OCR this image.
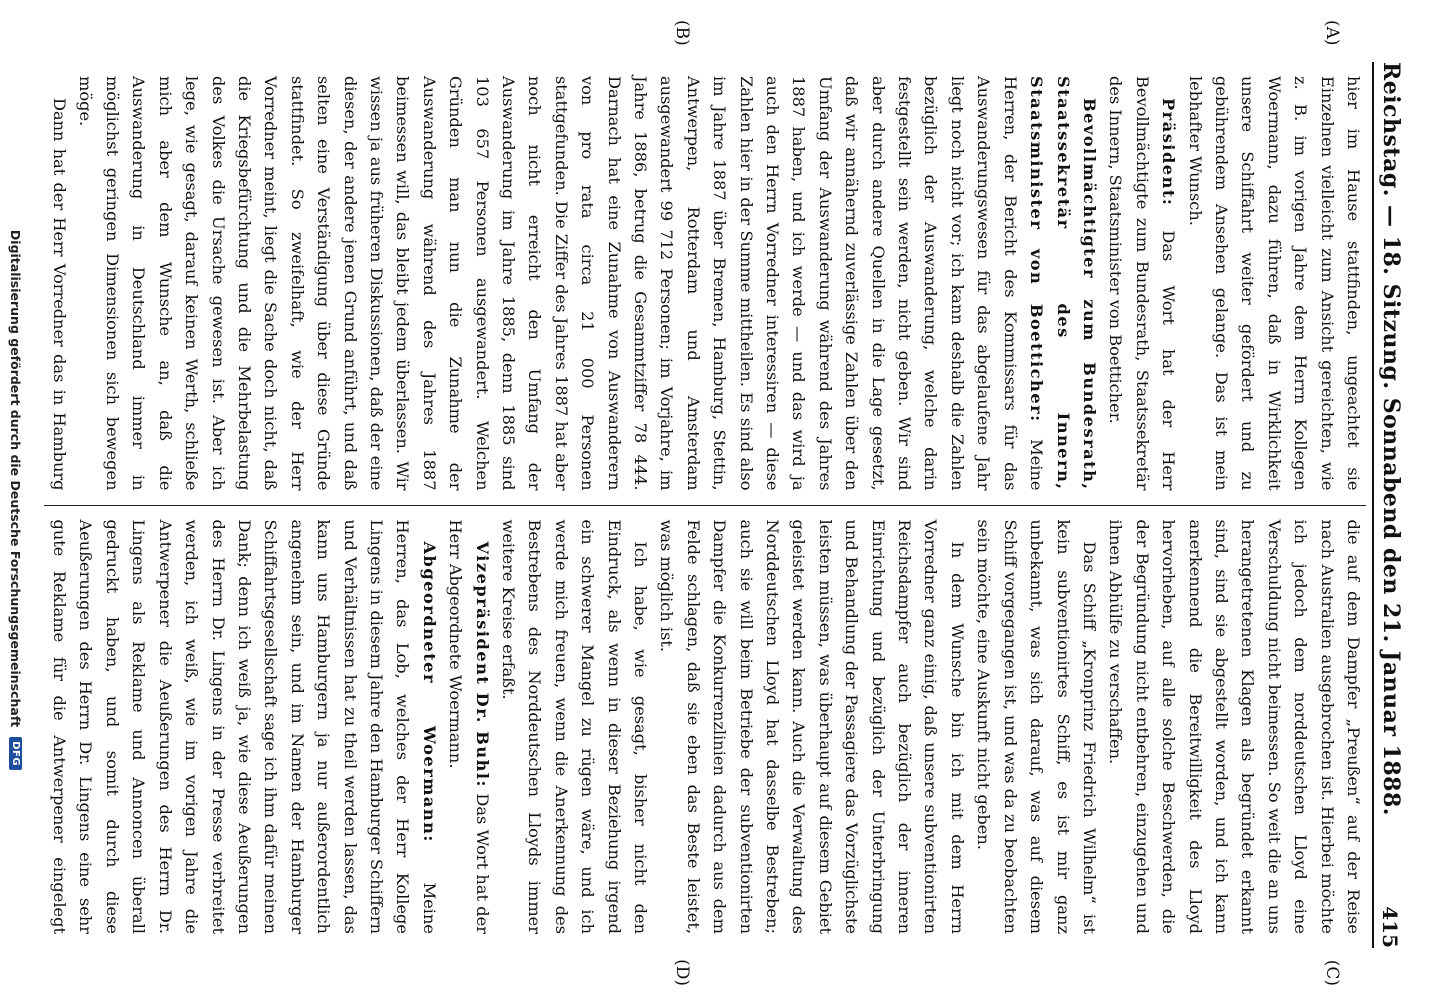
Reichstag. — 18. Sitzung. Sonnabend den 21. Januar 1888.
415
(A)
(B)
(C)
(D)

hier im Hause stattfinden, ungeachtet sie Einzelnen vielleicht zum Ansicht gereichten, wie z. B. im vorigen Jahre dem Herrn Kollegen Woermann, dazu führen, daß in Wirklichkeit unsere Schiffahrt weiter gefördert und zu gebührendem Ansehen gelange. Das ist mein lebhafter Wunsch.

Präsident: Das Wort hat der Herr Bevollmächtigte zum Bundesrath, Staatssekretär des Innern, Staatsminister von Boetticher.

Bevollmächtigter zum Bundesrath, Staatssekretär des Innern, Staatsminister von Boetticher: Meine Herren, der Bericht des Kommissars für das Auswanderungswesen für das abgelaufene Jahr liegt noch nicht vor; ich kann deshalb die Zahlen bezüglich der Auswanderung, welche darin festgestellt sein werden, nicht geben. Wir sind aber durch andere Quellen in die Lage gesetzt, daß wir annähernd zuverlässige Zahlen über den Umfang der Auswanderung während des Jahres 1887 haben, und ich werde — und das wird ja auch den Herrn Vorredner interessiren — diese Zahlen hier in der Summe mittheilen. Es sind also im Jahre 1887 über Bremen, Hamburg, Stettin, Antwerpen, Rotterdam und Amsterdam ausgewandert 99 712 Personen; im Vorjahre, im Jahre 1886, betrug die Gesammtziffer 78 444. Darnach hat eine Zunahme von Auswanderern von pro rata circa 21 000 Personen stattgefunden. Die Ziffer des Jahres 1887 hat aber noch nicht erreicht den Umfang der Auswanderung im Jahre 1885, denn 1885 sind 103 657 Personen ausgewandert. Welchen Gründen man nun die Zunahme der Auswanderung während des Jahres 1887 beimessen will, das bleibt jedem überlassen. Wir wissen ja aus früheren Diskussionen, daß der eine diesen, der andere jenen Grund anführt, und daß selten eine Verständigung über diese Gründe stattfindet. So zweifelhaft, wie der Herr Vorredner meint, liegt die Sache doch nicht, daß die Kriegsbefürchtung und die Mehrbelastung des Volkes die Ursache gewesen ist. Aber ich lege, wie gesagt, darauf keinen Werth, schließe mich aber dem Wunsche an, daß die Auswanderung in Deutschland immer in möglichst geringen Dimensionen sich bewegen möge.

Dann hat der Herr Vorredner das in Hamburg

die auf dem Dampfer „Preußen“ auf der Reise nach Australien ausgebrochen ist. Hierbei möchte ich jedoch dem norddeutschen Lloyd eine Verschuldung nicht beimessen. So weit die an uns herangetretenen Klagen als begründet erkannt sind, sind sie abgestellt worden, und ich kann anerkennend die Bereitwilligkeit des Lloyd hervorheben, auf alle solche Beschwerden, die der Begründung nicht entbehren, einzugehen und ihnen Abhülfe zu verschaffen.

Das Schiff „Kronprinz Friedrich Wilhelm“ ist kein subventionirtes Schiff, es ist mir ganz unbekannt, was sich darauf, was auf diesem Schiff vorgegangen ist, und was da zu beobachten sein möchte, eine Auskunft nicht geben.

In dem Wunsche bin ich mit dem Herrn Vorredner ganz einig, daß unsere subventionirten Reichsdampfer auch bezüglich der inneren Einrichtung und bezüglich der Unterbringung und Behandlung der Passagiere das Vorzüglichste leisten müssen, was überhaupt auf diesem Gebiet geleistet werden kann. Auch die Verwaltung des Norddeutschen Lloyd hat dasselbe Bestreben; auch sie will beim Betriebe der subventionirten Dampfer die Konkurrenzlinien dadurch aus dem Felde schlagen, daß sie eben das Beste leistet, was möglich ist.

Ich habe, wie gesagt, bisher nicht den Eindruck, als wenn in dieser Beziehung irgend ein schwerer Mangel zu rügen wäre, und ich werde mich freuen, wenn die Anerkennung des Bestrebens des Norddeutschen Lloyds immer weitere Kreise erfaßt.

Vizepräsident Dr. Buhl: Das Wort hat der Herr Abgeordnete Woermann.

Abgeordneter Woermann: Meine Herren, das Lob, welches der Herr Kollege Lingens in diesem Jahre den Hamburger Schiffern und Verhältnissen hat zu theil werden lassen, das kann uns Hamburgern ja nur außerordentlich angenehm sein, und im Namen der Hamburger Schiffahrtsgesellschaft sage ich ihm dafür meinen Dank; denn ich weiß ja, wie diese Aeußerungen des Herrn Dr. Lingens in der Presse verbreitet werden, ich weiß, wie im vorigen Jahre die Antwerpener die Aeußerungen des Herrn Dr. Lingens als Reklame und Annoncen überall gedruckt haben, und somit durch diese Aeußerungen des Herrn Dr. Lingens eine sehr gute Reklame für die Antwerpener eingelegt

Digitalisierung gefördert durch die Deutsche Forschungsgemeinschaft
DFG
